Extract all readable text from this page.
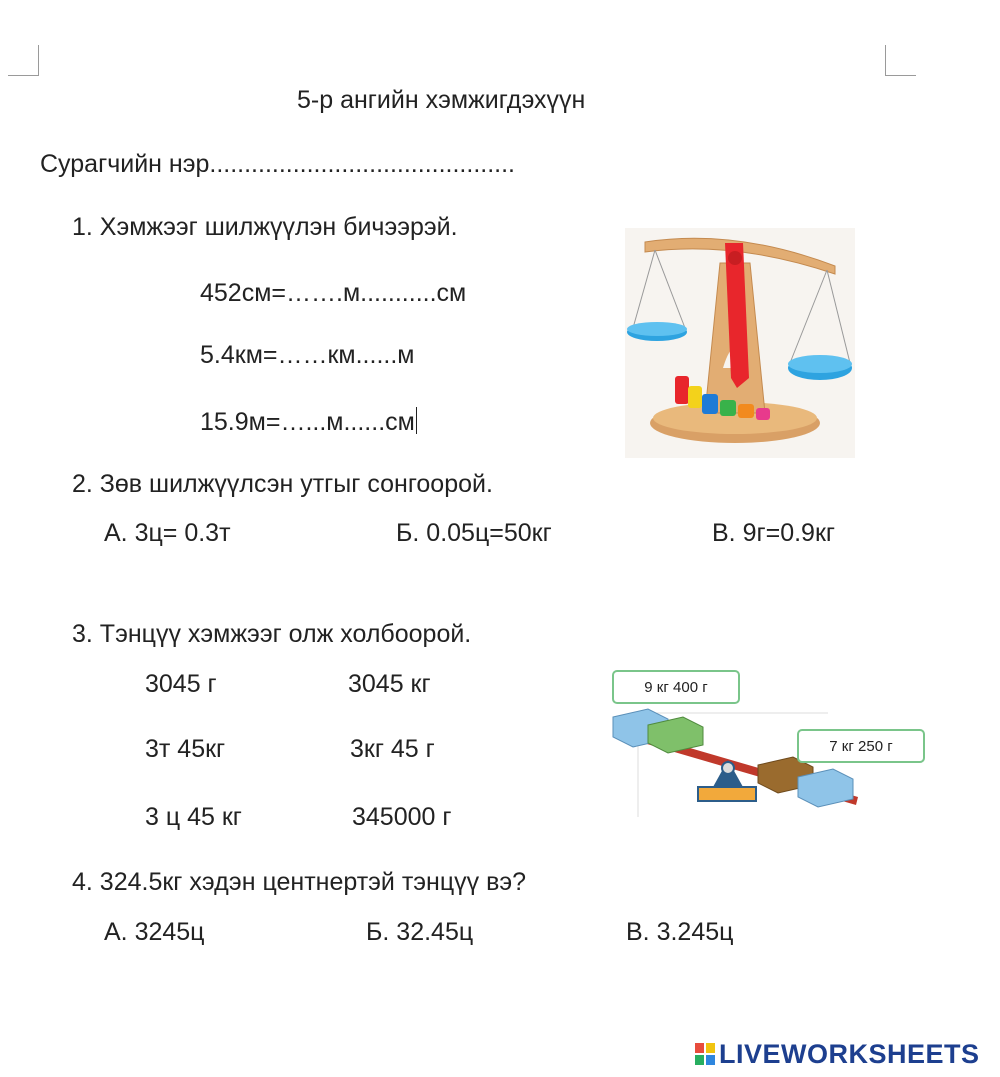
5-р ангийн хэмжигдэхүүн
Сурагчийн нэр............................................
1. Хэмжээг шилжүүлэн бичээрэй.
452см=…….м...........см
5.4км=……км......м
15.9м=…...м......см
2. Зөв шилжүүлсэн утгыг сонгоорой.
А. 3ц= 0.3т	Б. 0.05ц=50кг	В. 9г=0.9кг
3. Тэнцүү хэмжээг олж холбоорой.
3045 г	3045 кг
3т 45кг	3кг 45 г
3 ц 45 кг	345000 г
9 кг 400 г
7 кг 250 г
4. 324.5кг хэдэн центнертэй тэнцүү вэ?
А. 3245ц	Б. 32.45ц	В. 3.245ц
LIVEWORKSHEETS
